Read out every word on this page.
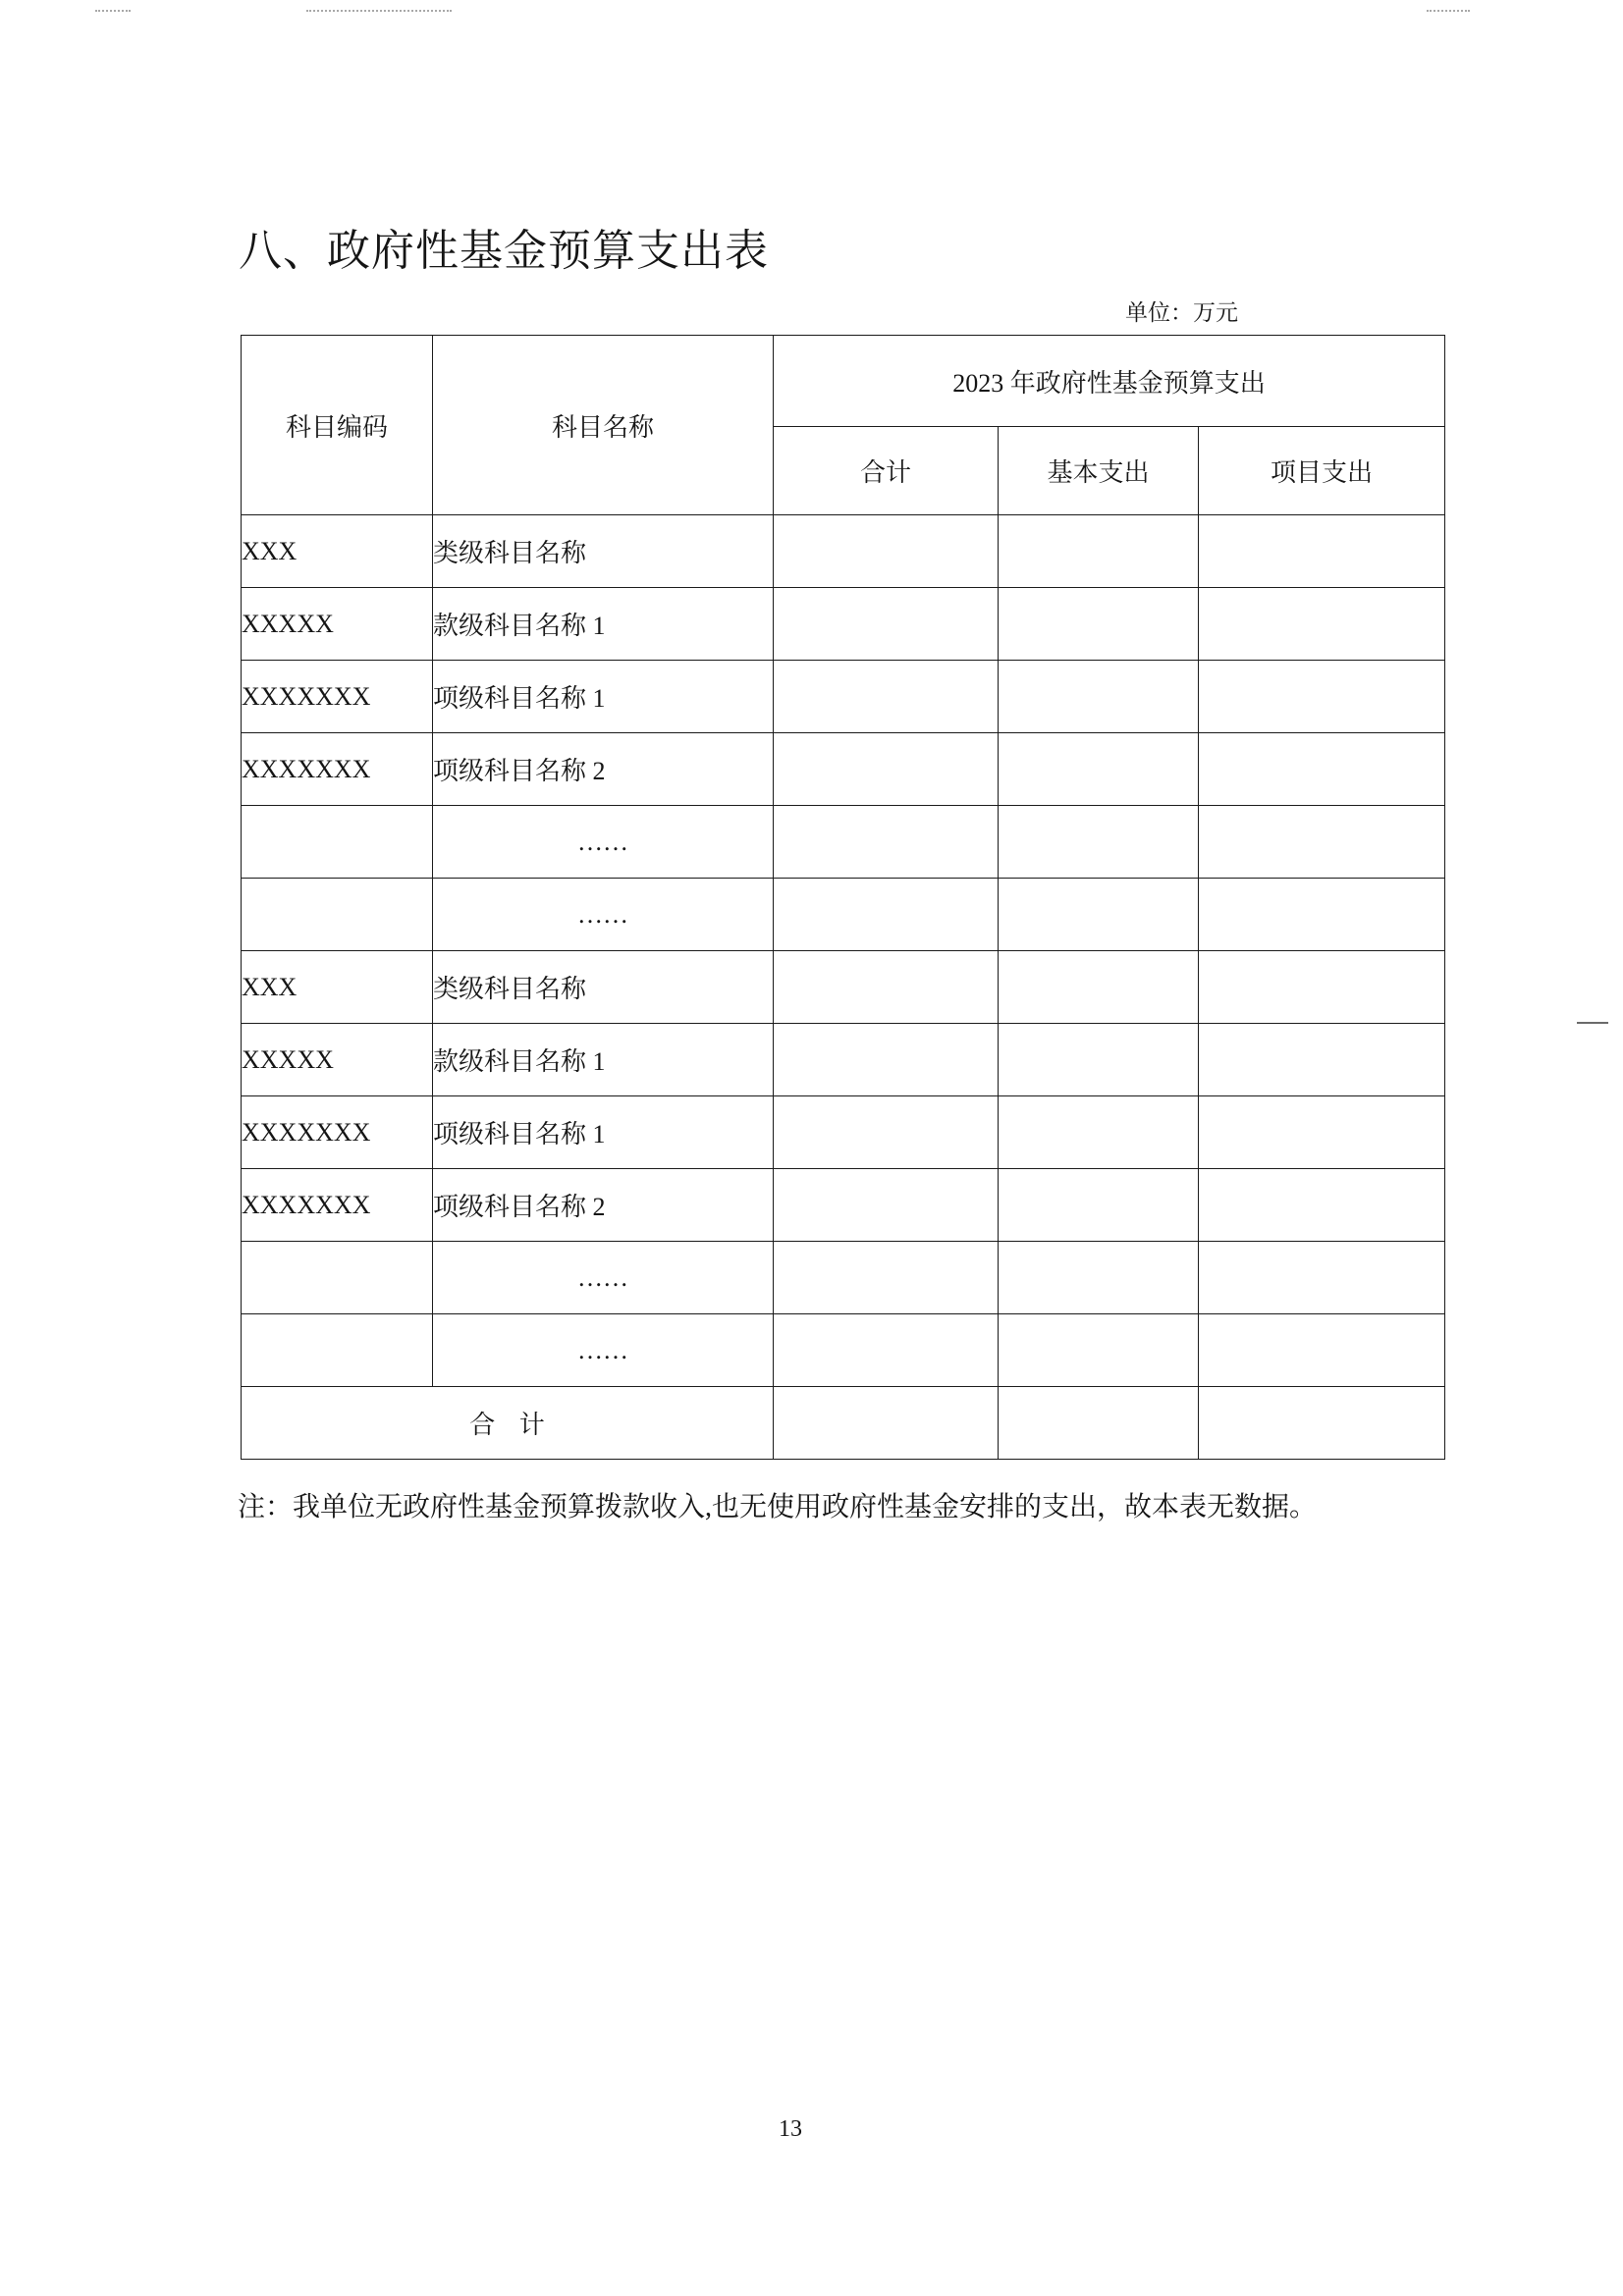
八、政府性基金预算支出表
单位：万元
科目编码	科目名称	2023 年政府性基金预算支出		
		合计	基本支出	项目支出
XXX	类级科目名称			
XXXXX	款级科目名称 1			
XXXXXXX	项级科目名称 1			
XXXXXXX	项级科目名称 2			
	……			
	……			
XXX	类级科目名称			
XXXXX	款级科目名称 1			
XXXXXXX	项级科目名称 1			
XXXXXXX	项级科目名称 2			
	……			
	……			
合 计				
注：我单位无政府性基金预算拨款收入,也无使用政府性基金安排的支出，故本表无数据。
13
